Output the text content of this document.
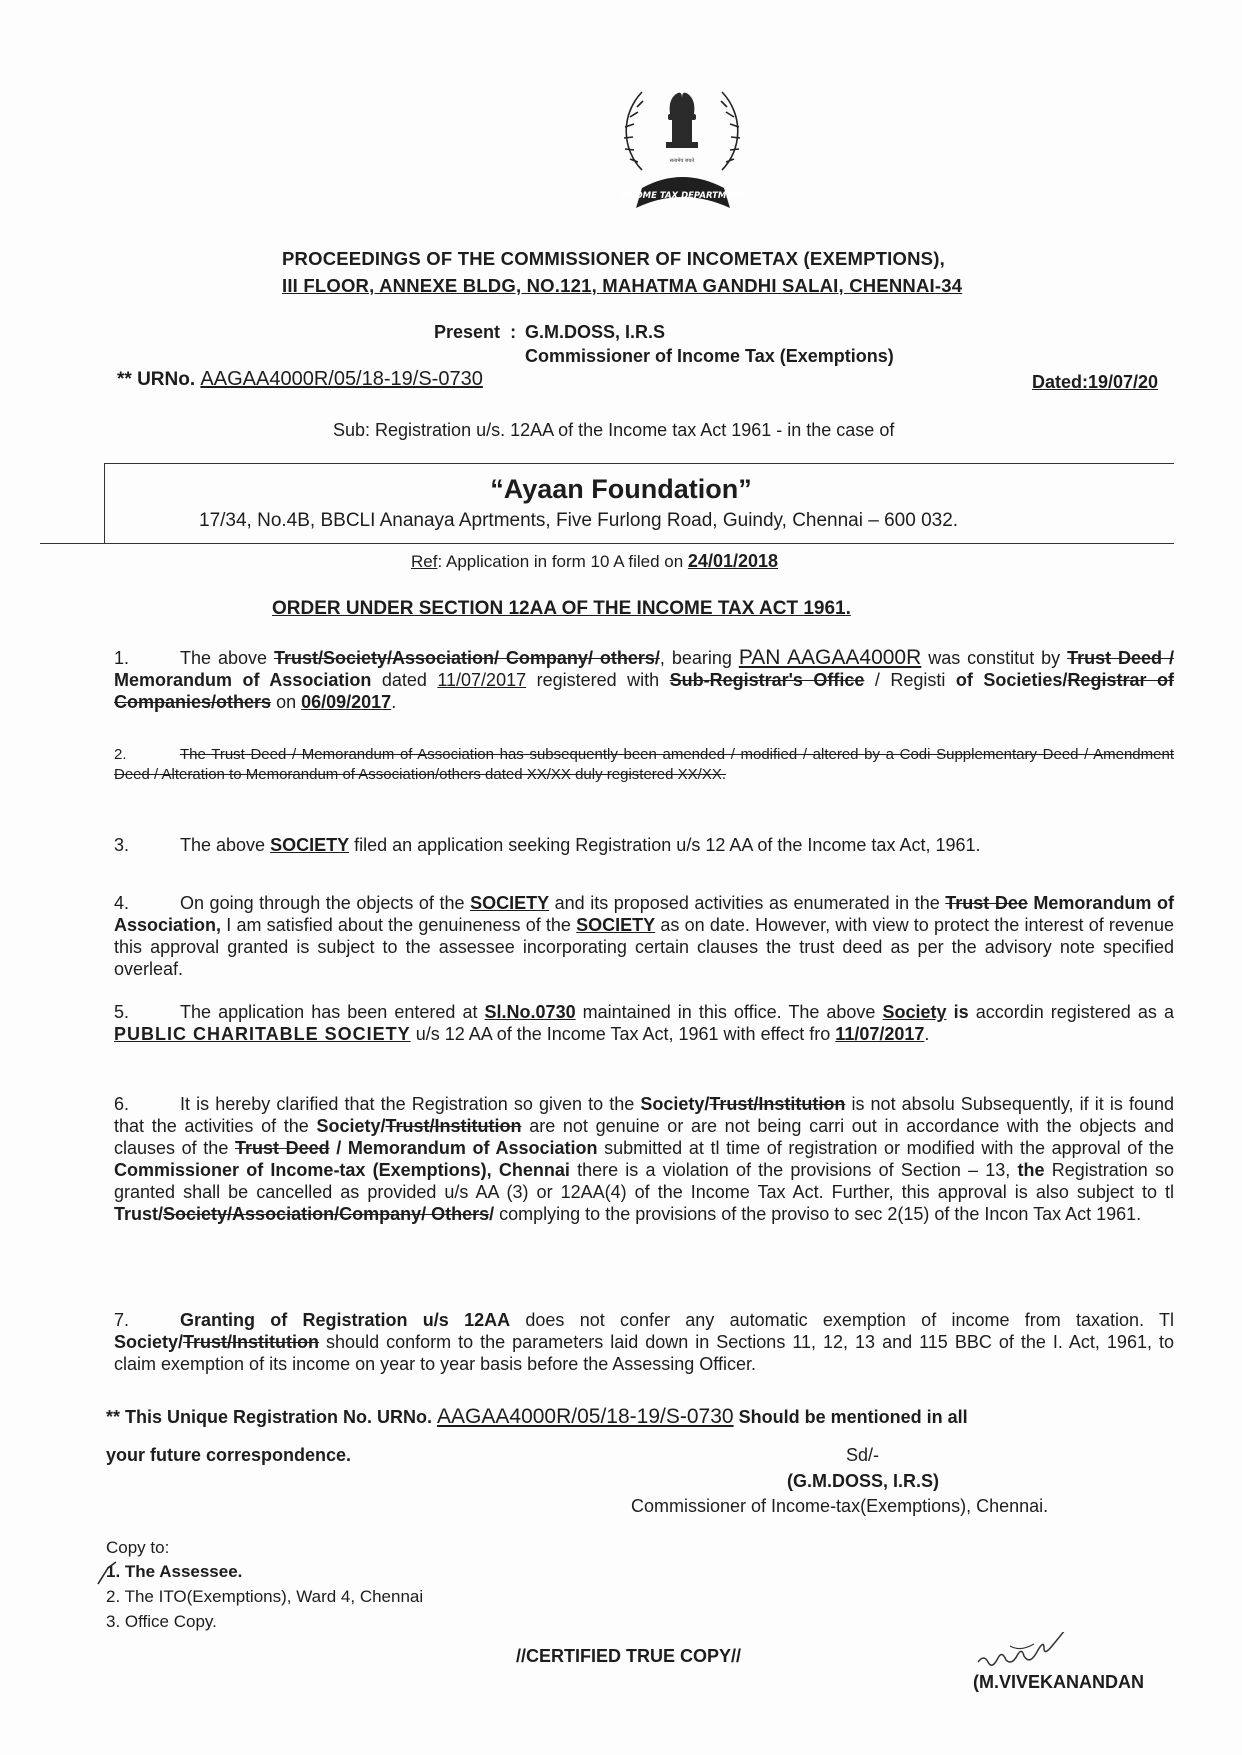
सत्यमेव जयते
INCOME TAX DEPARTMENT
PROCEEDINGS OF THE COMMISSIONER OF INCOMETAX (EXEMPTIONS),
III FLOOR, ANNEXE BLDG, NO.121, MAHATMA GANDHI SALAI, CHENNAI-34
Present : G.M.DOSS, I.R.S
Commissioner of Income Tax (Exemptions)
** URNo. AAGAA4000R/05/18-19/S-0730	Dated:19/07/20
Sub: Registration u/s. 12AA of the Income tax Act 1961 - in the case of
“Ayaan Foundation”
17/34, No.4B, BBCLI Ananaya Aprtments, Five Furlong Road, Guindy, Chennai – 600 032.
Ref: Application in form 10 A filed on 24/01/2018
ORDER UNDER SECTION 12AA OF THE INCOME TAX ACT 1961.
1.	The above Trust/Society/Association/ Company/ others/, bearing PAN AAGAA4000R was constitut by Trust Deed / Memorandum of Association dated 11/07/2017 registered with Sub-Registrar's Office / Registi of Societies/Registrar of Companies/others on 06/09/2017.
2.	The Trust Deed / Memorandum of Association has subsequently been amended / modified / altered by a Codi Supplementary Deed / Amendment Deed / Alteration to Memorandum of Association/others dated XX/XX duly registered XX/XX.
3.	The above SOCIETY filed an application seeking Registration u/s 12 AA of the Income tax Act, 1961.
4.	On going through the objects of the SOCIETY and its proposed activities as enumerated in the Trust Dee Memorandum of Association, I am satisfied about the genuineness of the SOCIETY as on date. However, with view to protect the interest of revenue this approval granted is subject to the assessee incorporating certain clauses the trust deed as per the advisory note specified overleaf.
5.	The application has been entered at Sl.No.0730 maintained in this office. The above Society is accordin registered as a PUBLIC CHARITABLE SOCIETY u/s 12 AA of the Income Tax Act, 1961 with effect fro 11/07/2017.
6.	It is hereby clarified that the Registration so given to the Society/Trust/Institution is not absolu Subsequently, if it is found that the activities of the Society/Trust/Institution are not genuine or are not being carri out in accordance with the objects and clauses of the Trust Deed / Memorandum of Association submitted at tl time of registration or modified with the approval of the Commissioner of Income-tax (Exemptions), Chennai there is a violation of the provisions of Section – 13, the Registration so granted shall be cancelled as provided u/s AA (3) or 12AA(4) of the Income Tax Act. Further, this approval is also subject to tl Trust/Society/Association/Company/ Others/ complying to the provisions of the proviso to sec 2(15) of the Incon Tax Act 1961.
7.	Granting of Registration u/s 12AA does not confer any automatic exemption of income from taxation. Tl Society/Trust/Institution should conform to the parameters laid down in Sections 11, 12, 13 and 115 BBC of the I. Act, 1961, to claim exemption of its income on year to year basis before the Assessing Officer.
** This Unique Registration No. URNo. AAGAA4000R/05/18-19/S-0730 Should be mentioned in all
your future correspondence.	Sd/-
(G.M.DOSS, I.R.S)
Commissioner of Income-tax(Exemptions), Chennai.
Copy to:
1. The Assessee.
2. The ITO(Exemptions), Ward 4, Chennai
3. Office Copy.
//CERTIFIED TRUE COPY//
(M.VIVEKANANDAN
